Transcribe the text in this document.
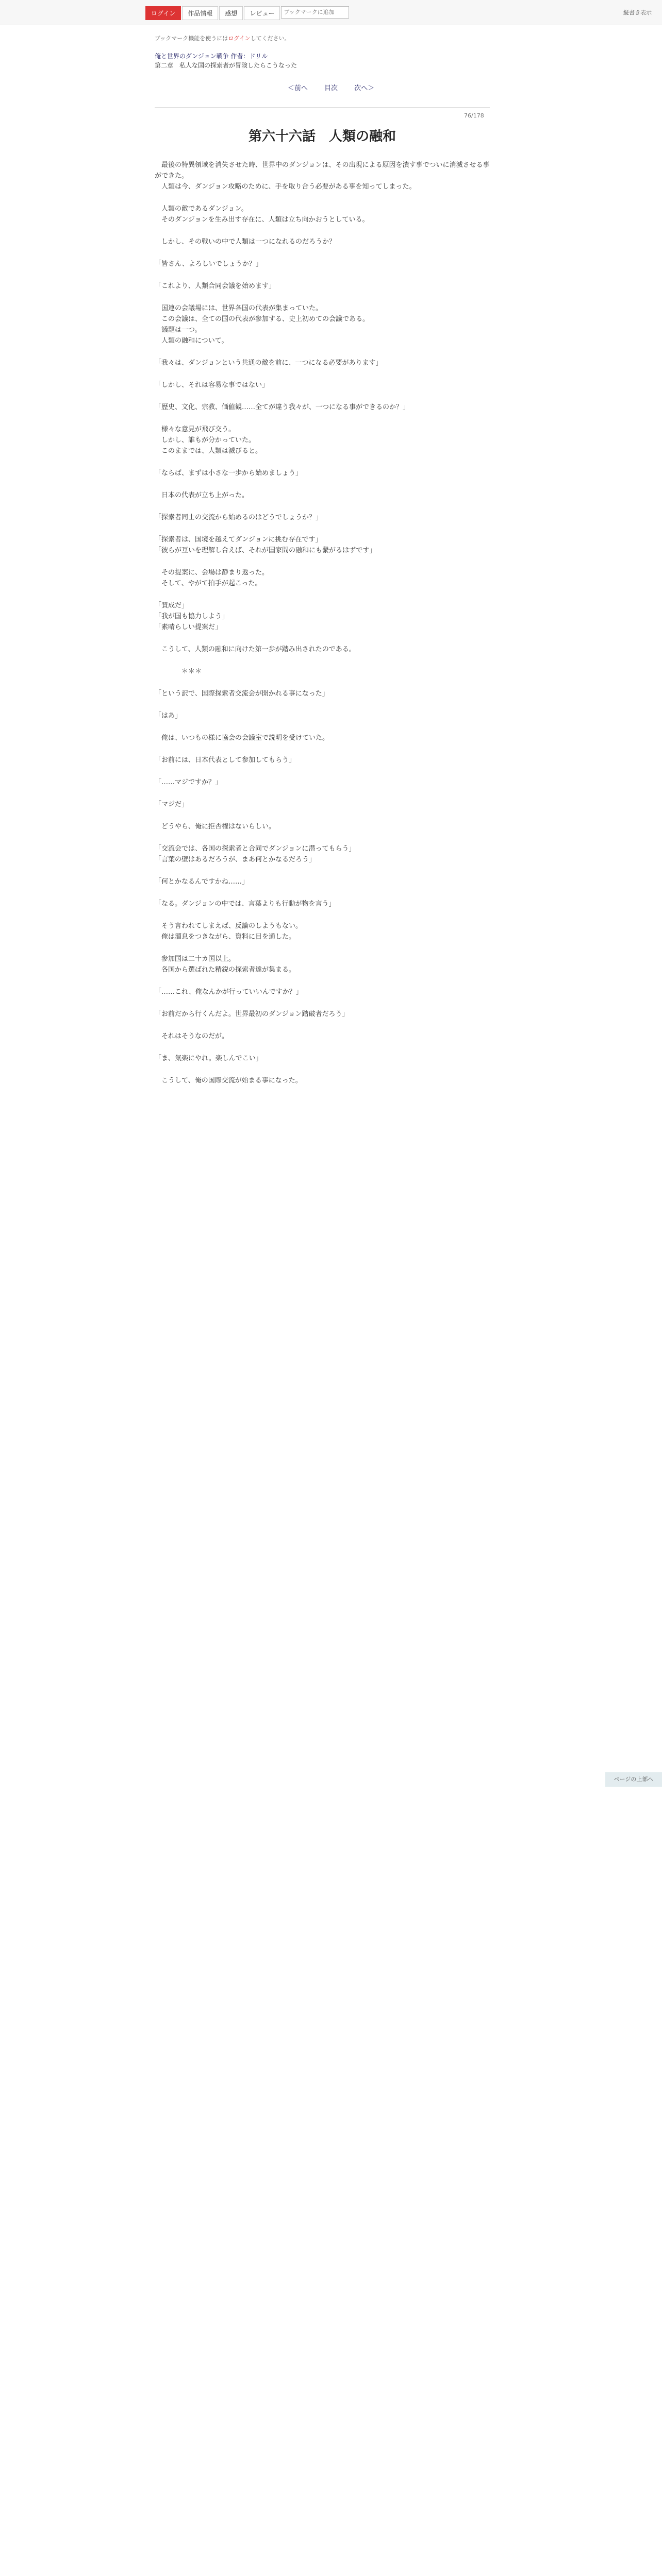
ログイン	作品情報	感想	レビュー
ブックマークに追加	縦書き表示
ブックマーク機能を使うにはログインしてください。
俺と世界のダンジョン戦争 作者：ドリル
第二章　私人な国の探索者が冒険したらこうなった
＜前へ 目次 次へ＞
76/178
第六十六話　人類の融和

　最後の特異領域を消失させた時、世界中のダンジョンは、その出現による原因を潰す事でついに消滅させる事ができた。
　人類は今、ダンジョン攻略のために、手を取り合う必要がある事を知ってしまった。

　人類の敵であるダンジョン。
　そのダンジョンを生み出す存在に、人類は立ち向かおうとしている。

　しかし、その戦いの中で人類は一つになれるのだろうか？

「皆さん、よろしいでしょうか？」

「これより、人類合同会議を始めます」

　国連の会議場には、世界各国の代表が集まっていた。
　この会議は、全ての国の代表が参加する、史上初めての会議である。
　議題は一つ。
　人類の融和について。

「我々は、ダンジョンという共通の敵を前に、一つになる必要があります」

「しかし、それは容易な事ではない」

「歴史、文化、宗教、価値観……全てが違う我々が、一つになる事ができるのか？」

　様々な意見が飛び交う。
　しかし、誰もが分かっていた。
　このままでは、人類は滅びると。

「ならば、まずは小さな一歩から始めましょう」

　日本の代表が立ち上がった。

「探索者同士の交流から始めるのはどうでしょうか？」

「探索者は、国境を越えてダンジョンに挑む存在です」
「彼らが互いを理解し合えば、それが国家間の融和にも繋がるはずです」

　その提案に、会場は静まり返った。
　そして、やがて拍手が起こった。

「賛成だ」
「我が国も協力しよう」
「素晴らしい提案だ」

　こうして、人類の融和に向けた第一歩が踏み出されたのである。

　　　　＊＊＊

「という訳で、国際探索者交流会が開かれる事になった」

「はあ」

　俺は、いつもの様に協会の会議室で説明を受けていた。

「お前には、日本代表として参加してもらう」

「……マジですか？」

「マジだ」

　どうやら、俺に拒否権はないらしい。

「交流会では、各国の探索者と合同でダンジョンに潜ってもらう」
「言葉の壁はあるだろうが、まあ何とかなるだろう」

「何とかなるんですかね……」

「なる。ダンジョンの中では、言葉よりも行動が物を言う」

　そう言われてしまえば、反論のしようもない。
　俺は溜息をつきながら、資料に目を通した。

　参加国は二十カ国以上。
　各国から選ばれた精鋭の探索者達が集まる。

「……これ、俺なんかが行っていいんですか？」

「お前だから行くんだよ。世界最初のダンジョン踏破者だろう」

　それはそうなのだが。

「ま、気楽にやれ。楽しんでこい」

　こうして、俺の国際交流が始まる事になった。

ページの上部へ
